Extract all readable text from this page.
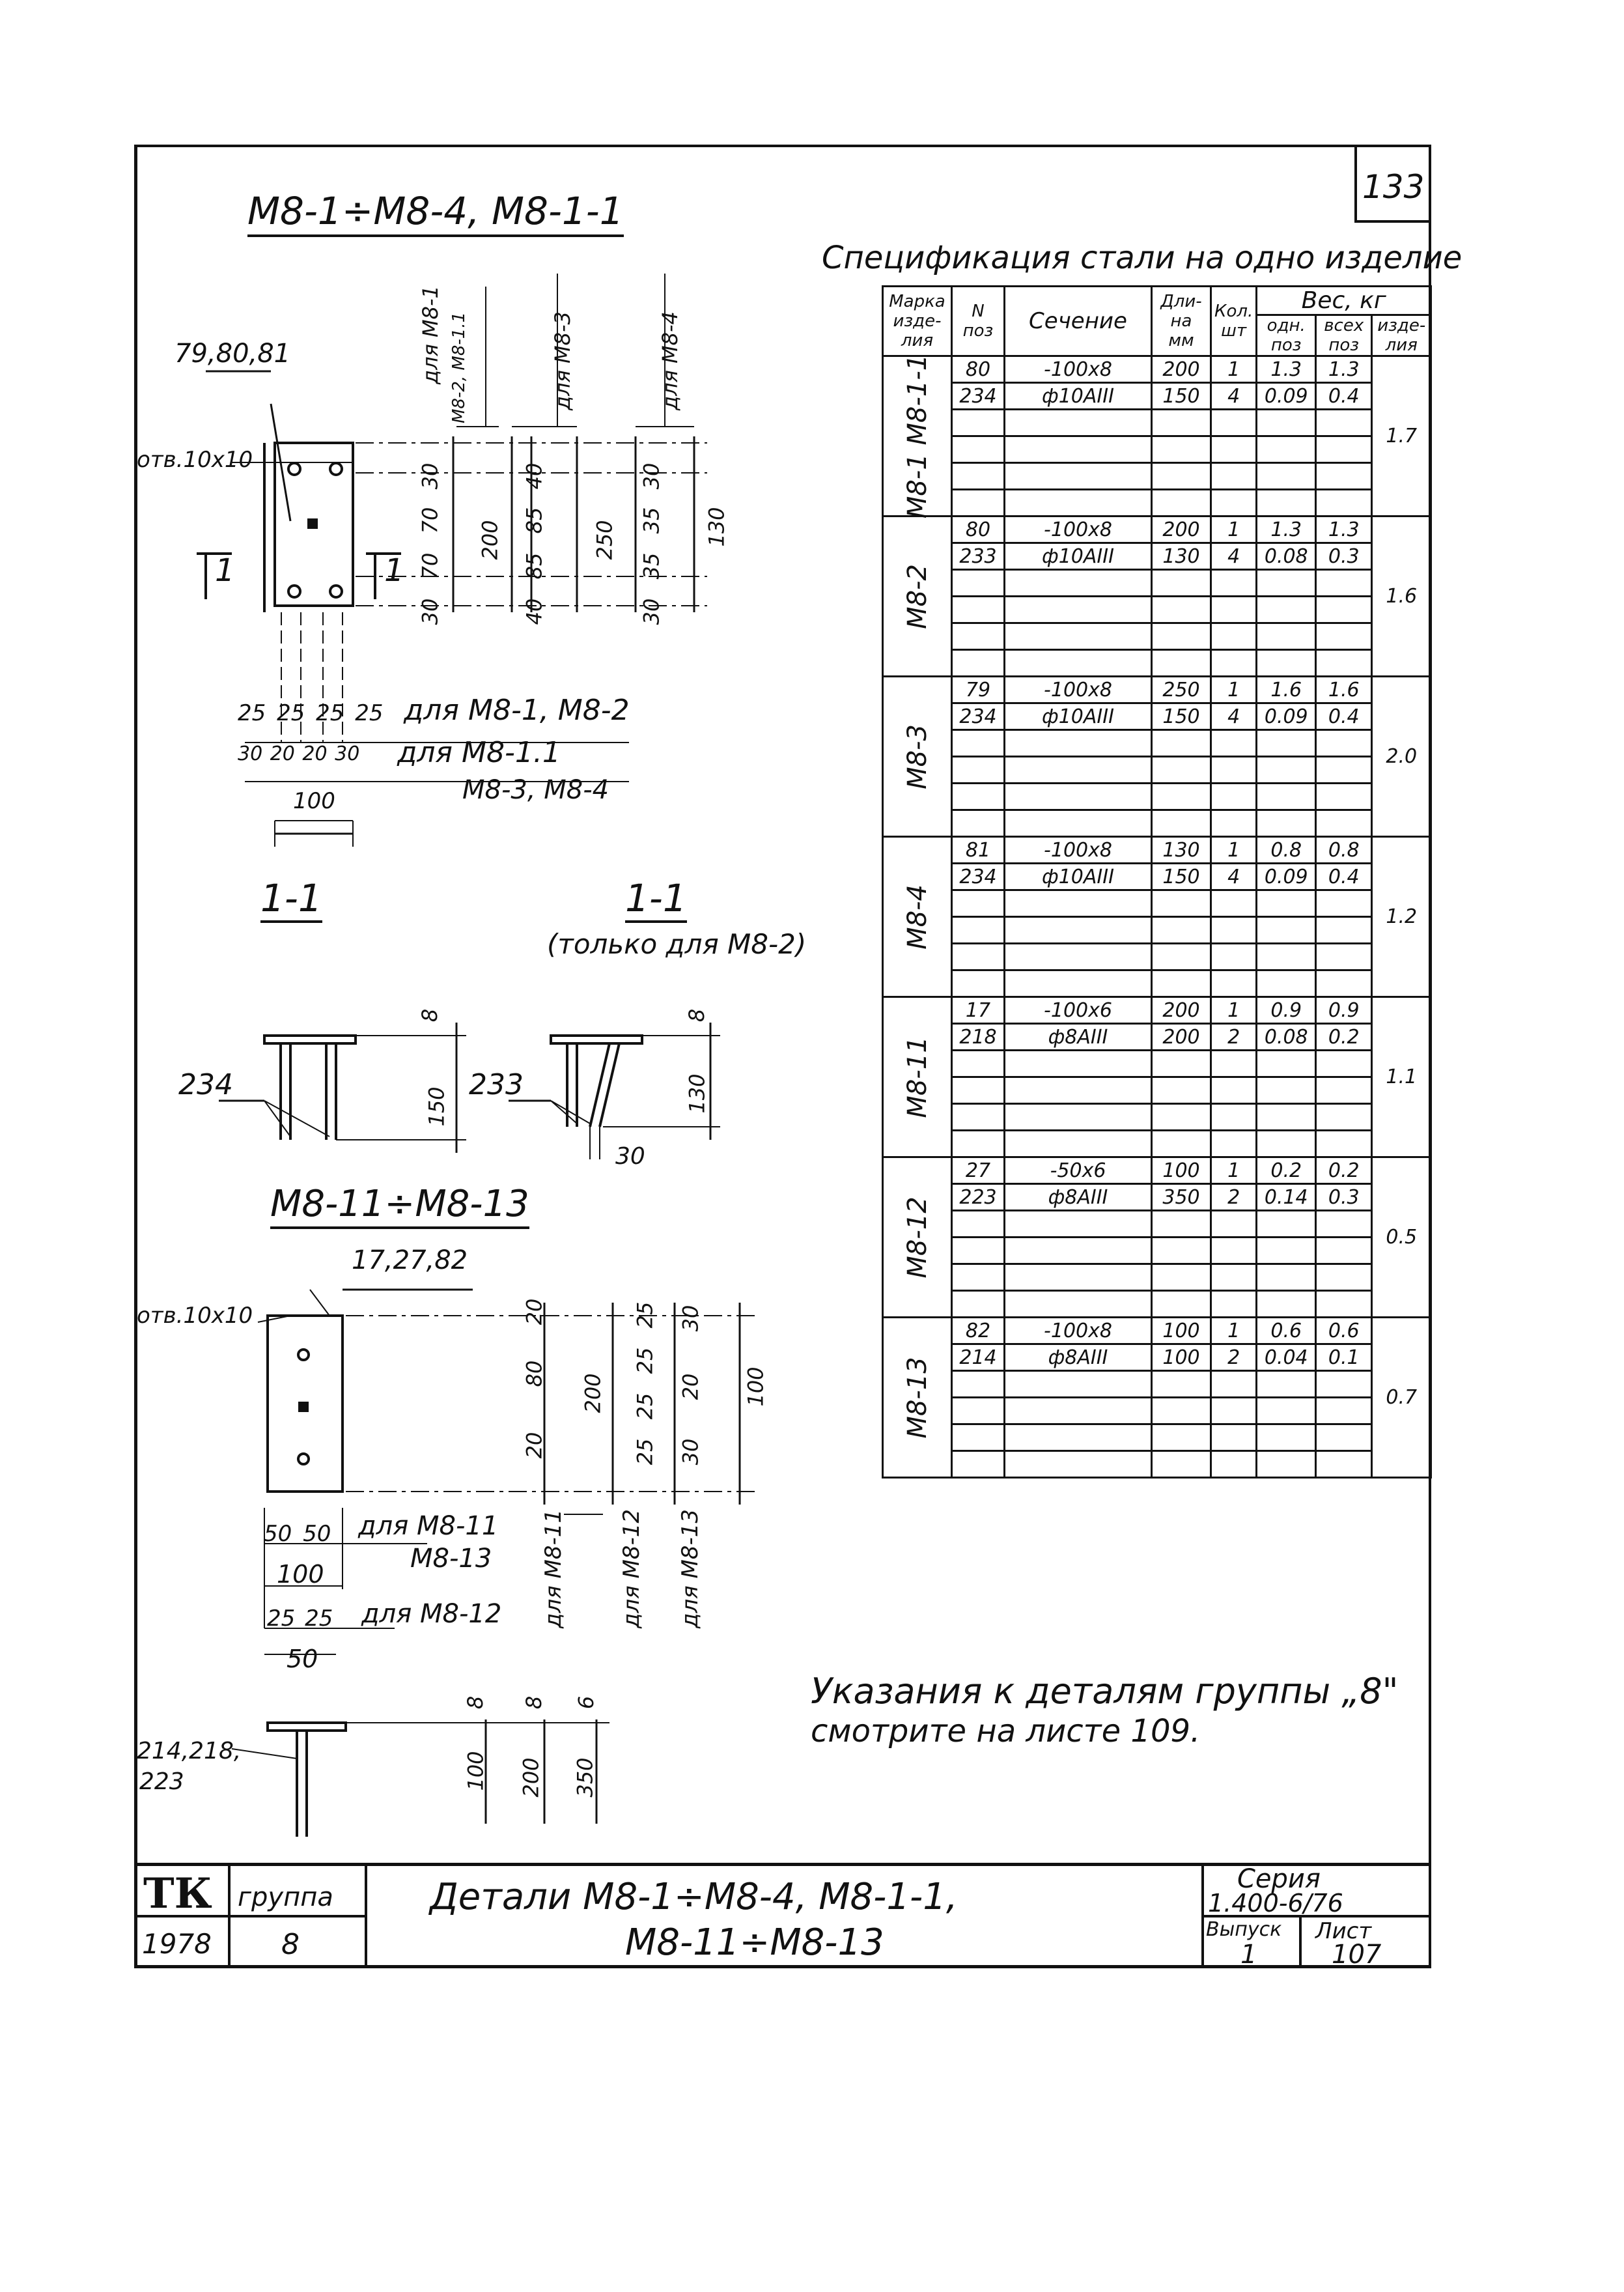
133
M8-1÷M8-4, M8-1-1
M8-11÷M8-13
79,80,81
отв.10x10
1	1
для M8-1 M8-2, M8-1.1	для M8-3	для M8-4
30
70
70
30
200
40
85
85
40
250
30
35
35
30
130
25 25 25 25 для M8-1, M8-2
30 20 20 30 для M8-1.1
M8-3, M8-4
100
1-1	1-1
(только для M8-2)
234	233
30
150
8
130
8
17,27,82
отв.10x10	20
80
20
200
25
25
25
25
30
20
30
100
для M8-11 для M8-12 для M8-13
50 50 для M8-11
M8-13
100
25 25 для M8-12
50
214,218,
223	100 200 350
8 8 6
Спецификация стали на одно изделие
Марка изде-лия	N поз	Сечение	Дли-на мм	Кол. шт	Вес, кг		
					одн. поз	всех поз	изде-лия

M8-1 M8-1-1	80	-100x8	200	1	1.3	1.3	1.7
	234	ф10АIII	150	4	0.09	0.4	

M8-2	80	-100x8	200	1	1.3	1.3	1.6
	233	ф10АIII	130	4	0.08	0.3	

M8-3	79	-100x8	250	1	1.6	1.6	2.0
	234	ф10АIII	150	4	0.09	0.4	

M8-4	81	-100x8	130	1	0.8	0.8	1.2
	234	ф10АIII	150	4	0.09	0.4	

M8-11	17	-100x6	200	1	0.9	0.9	1.1
	218	ф8АIII	200	2	0.08	0.2	

M8-12	27	-50x6	100	1	0.2	0.2	0.5
	223	ф8АIII	350	2	0.14	0.3	

M8-13	82	-100x8	100	1	0.6	0.6	0.7
	214	ф8АIII	100	2	0.04	0.1	

Указания к деталям группы „8"
смотрите на листе 109.
ТК группа
1978 8
Детали M8-1÷M8-4, M8-1-1,
M8-11÷M8-13
Серия
1.400-6/76
Выпуск
1
Лист
107
